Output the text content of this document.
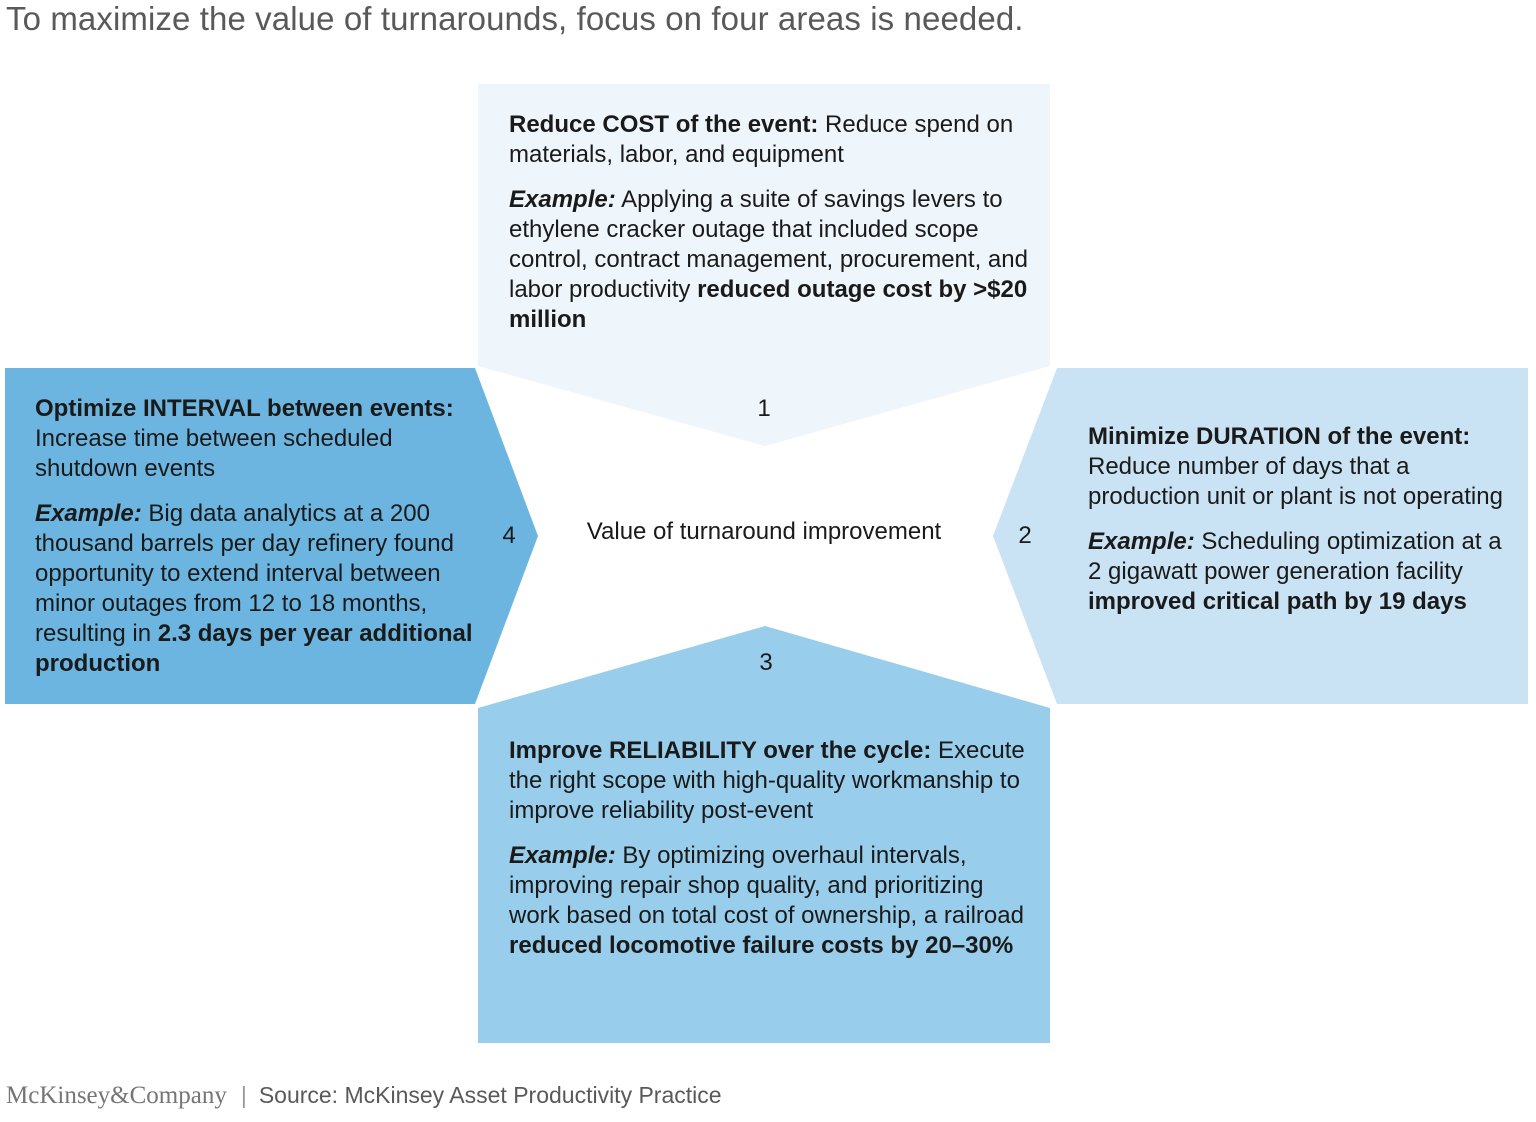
To maximize the value of turnarounds, focus on four areas is needed.

Reduce COST of the event: Reduce spend on materials, labor, and equipment

Example: Applying a suite of savings levers to ethylene cracker outage that included scope control, contract management, procurement, and labor productivity reduced outage cost by >$20 million

1

Minimize DURATION of the event: Reduce number of days that a production unit or plant is not operating

Example: Scheduling optimization at a 2 gigawatt power generation facility improved critical path by 19 days

2
3

Improve RELIABILITY over the cycle: Execute the right scope with high-quality workmanship to improve reliability post-event

Example: By optimizing overhaul intervals, improving repair shop quality, and prioritizing work based on total cost of ownership, a railroad reduced locomotive failure costs by 20–30%

Optimize INTERVAL between events: Increase time between scheduled shutdown events

Example: Big data analytics at a 200 thousand barrels per day refinery found opportunity to extend interval between minor outages from 12 to 18 months, resulting in 2.3 days per year additional production

4	Value of turnaround improvement
McKinsey&Company | Source: McKinsey Asset Productivity Practice
